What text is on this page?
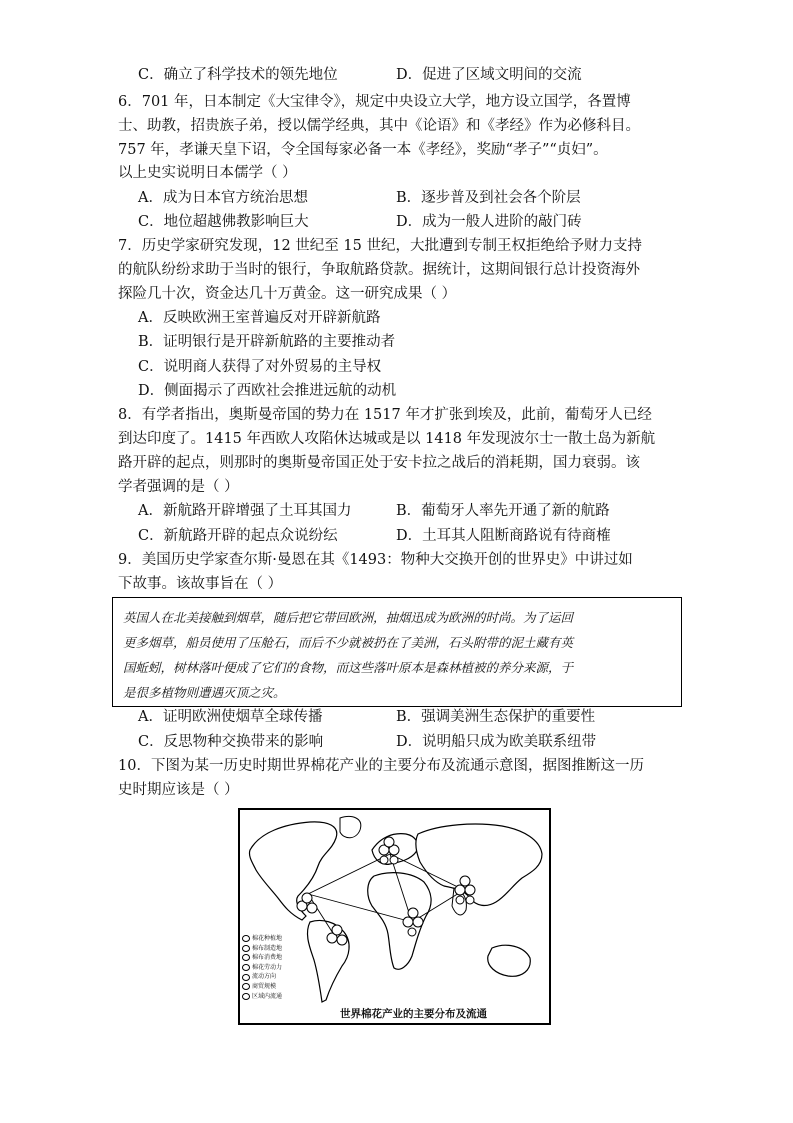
C．确立了科学技术的领先地位	D．促进了区域文明间的交流
6．701 年，日本制定《大宝律令》，规定中央设立大学，地方设立国学，各置博
士、助教，招贵族子弟，授以儒学经典，其中《论语》和《孝经》作为必修科目。
757 年，孝谦天皇下诏，令全国每家必备一本《孝经》，奖励“孝子”“贞妇”。
以上史实说明日本儒学（ ）
A．成为日本官方统治思想	B．逐步普及到社会各个阶层
C．地位超越佛教影响巨大	D．成为一般人进阶的敲门砖
7．历史学家研究发现，12 世纪至 15 世纪，大批遭到专制王权拒绝给予财力支持
的航队纷纷求助于当时的银行，争取航路贷款。据统计，这期间银行总计投资海外
探险几十次，资金达几十万黄金。这一研究成果（ ）
A．反映欧洲王室普遍反对开辟新航路
B．证明银行是开辟新航路的主要推动者
C．说明商人获得了对外贸易的主导权
D．侧面揭示了西欧社会推进远航的动机
8．有学者指出，奥斯曼帝国的势力在 1517 年才扩张到埃及，此前，葡萄牙人已经
到达印度了。1415 年西欧人攻陷休达城或是以 1418 年发现波尔士一散土岛为新航
路开辟的起点，则那时的奥斯曼帝国正处于安卡拉之战后的消耗期，国力衰弱。该
学者强调的是（ ）
A．新航路开辟增强了土耳其国力	B．葡萄牙人率先开通了新的航路
C．新航路开辟的起点众说纷纭	D．土耳其人阻断商路说有待商榷
9．美国历史学家查尔斯·曼恩在其《1493：物种大交换开创的世界史》中讲过如
下故事。该故事旨在（ ）
英国人在北美接触到烟草，随后把它带回欧洲，抽烟迅成为欧洲的时尚。为了运回
更多烟草，船员使用了压舱石，而后不少就被扔在了美洲，石头附带的泥土藏有英
国蚯蚓，树林落叶便成了它们的食物，而这些落叶原本是森林植被的养分来源，于
是很多植物则遭遇灭顶之灾。
A．证明欧洲使烟草全球传播	B．强调美洲生态保护的重要性
C．反思物种交换带来的影响	D．说明船只成为欧美联系纽带
10．下图为某一历史时期世界棉花产业的主要分布及流通示意图，据图推断这一历
史时期应该是（ ）
棉花种植地
棉布制造地
棉布消费地
棉花劳动力
流动方向
商贸规模
区域内流通
世界棉花产业的主要分布及流通
